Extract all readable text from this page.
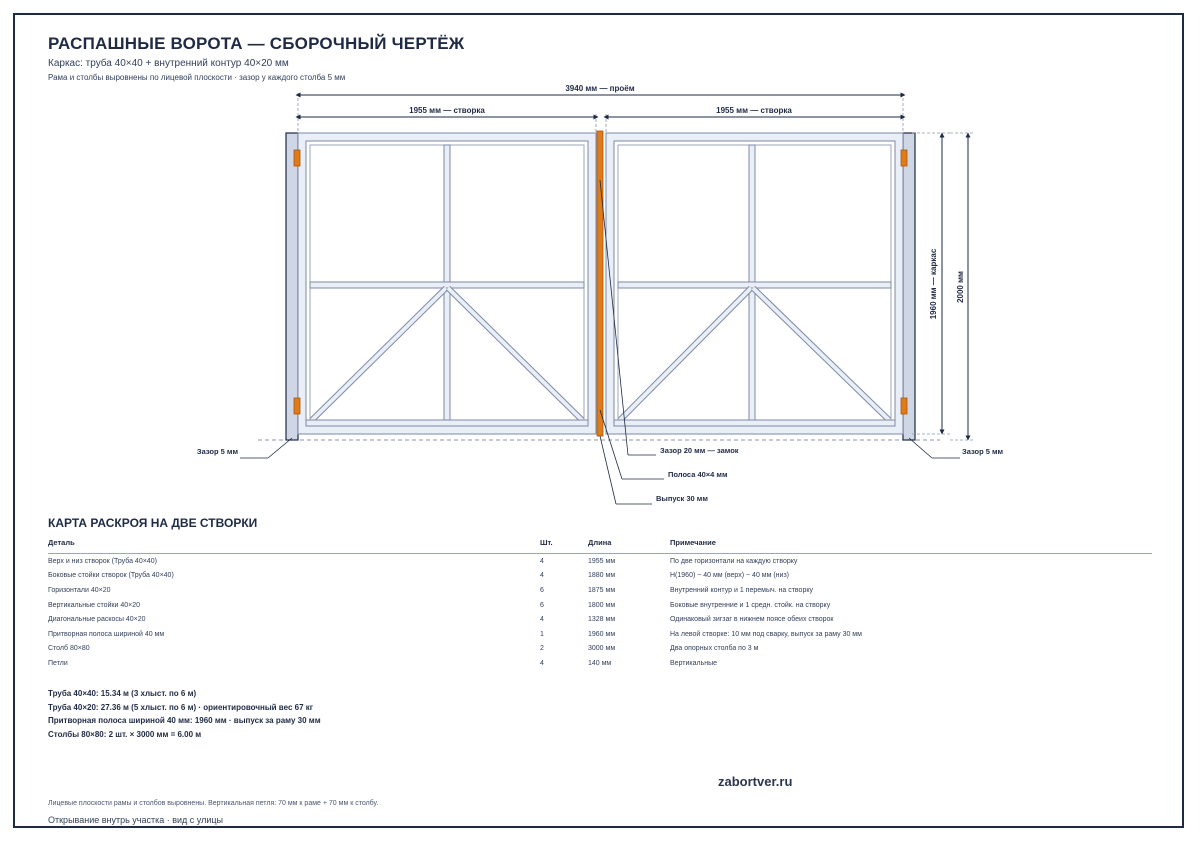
РАСПАШНЫЕ ВОРОТА — СБОРОЧНЫЙ ЧЕРТЁЖ
Каркас: труба 40×40 + внутренний контур 40×20 мм
Рама и столбы выровнены по лицевой плоскости · зазор у каждого столба 5 мм
3940 мм — проём
1955 мм — створка	1955 мм — створка
1960 мм — каркас 2000 мм
Зазор 5 мм	Зазор 5 мм
Зазор 20 мм — замок
Полоса 40×4 мм
Выпуск 30 мм
КАРТА РАСКРОЯ НА ДВЕ СТВОРКИ
Деталь	Шт.	Длина	Примечание
Верх и низ створок (Труба 40×40)	4	1955 мм	По две горизонтали на каждую створку
Боковые стойки створок (Труба 40×40)	4	1880 мм	H(1960) − 40 мм (верх) − 40 мм (низ)
Горизонтали 40×20	6	1875 мм	Внутренний контур и 1 перемыч. на створку
Вертикальные стойки 40×20	6	1800 мм	Боковые внутренние и 1 средн. стойк. на створку
Диагональные раскосы 40×20	4	1328 мм	Одинаковый зигзаг в нижнем поясе обеих створок
Притворная полоса шириной 40 мм	1	1960 мм	На левой створке: 10 мм под сварку, выпуск за раму 30 мм
Столб 80×80	2	3000 мм	Два опорных столба по 3 м
Петли	4	140 мм	Вертикальные
Труба 40×40: 15.34 м (3 хлыст. по 6 м)
Труба 40×20: 27.36 м (5 хлыст. по 6 м) · ориентировочный вес 67 кг
Притворная полоса шириной 40 мм: 1960 мм · выпуск за раму 30 мм
Столбы 80×80: 2 шт. × 3000 мм = 6.00 м
zabortver.ru
Лицевые плоскости рамы и столбов выровнены. Вертикальная петля: 70 мм к раме + 70 мм к столбу.
Открывание внутрь участка · вид с улицы
